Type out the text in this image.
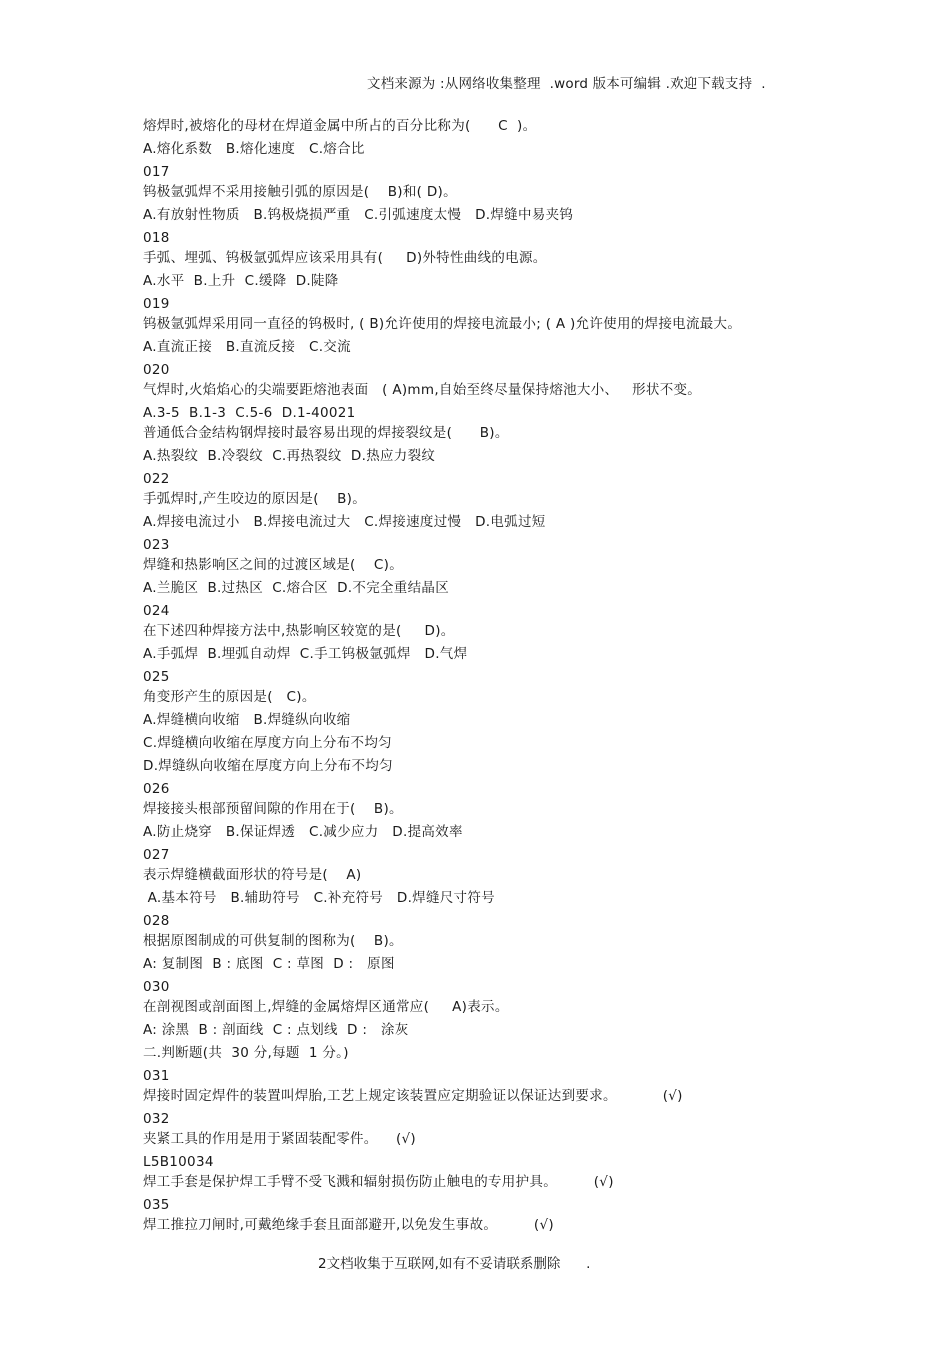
文档来源为 :从网络收集整理  .word 版本可编辑 .欢迎下载支持  .
熔焊时,被熔化的母材在焊道金属中所占的百分比称为(      C  )。
A.熔化系数   B.熔化速度   C.熔合比
017
钨极氩弧焊不采用接触引弧的原因是(    B)和( D)。
A.有放射性物质   B.钨极烧损严重   C.引弧速度太慢   D.焊缝中易夹钨
018
手弧、埋弧、钨极氩弧焊应该采用具有(     D)外特性曲线的电源。
A.水平  B.上升  C.缓降  D.陡降
019
钨极氩弧焊采用同一直径的钨极时, ( B)允许使用的焊接电流最小; ( A )允许使用的焊接电流最大。
A.直流正接   B.直流反接   C.交流
020
气焊时,火焰焰心的尖端要距熔池表面   ( A)mm,自始至终尽量保持熔池大小、   形状不变。
A.3-5  B.1-3  C.5-6  D.1-40021
普通低合金结构钢焊接时最容易出现的焊接裂纹是(      B)。
A.热裂纹  B.冷裂纹  C.再热裂纹  D.热应力裂纹
022
手弧焊时,产生咬边的原因是(    B)。
A.焊接电流过小   B.焊接电流过大   C.焊接速度过慢   D.电弧过短
023
焊缝和热影响区之间的过渡区域是(    C)。
A.兰脆区  B.过热区  C.熔合区  D.不完全重结晶区
024
在下述四种焊接方法中,热影响区较宽的是(     D)。
A.手弧焊  B.埋弧自动焊  C.手工钨极氩弧焊   D.气焊
025
角变形产生的原因是(   C)。
A.焊缝横向收缩   B.焊缝纵向收缩
C.焊缝横向收缩在厚度方向上分布不均匀
D.焊缝纵向收缩在厚度方向上分布不均匀
026
焊接接头根部预留间隙的作用在于(    B)。
A.防止烧穿   B.保证焊透   C.减少应力   D.提高效率
027
表示焊缝横截面形状的符号是(    A)
A.基本符号   B.辅助符号   C.补充符号   D.焊缝尺寸符号
028
根据原图制成的可供复制的图称为(    B)。
A: 复制图  B : 底图  C : 草图  D :   原图
030
在剖视图或剖面图上,焊缝的金属熔焊区通常应(     A)表示。
A: 涂黑  B : 剖面线  C : 点划线  D :   涂灰
二.判断题(共  30 分,每题  1 分。)
031
焊接时固定焊件的装置叫焊胎,工艺上规定该装置应定期验证以保证达到要求。          (√)
032
夹紧工具的作用是用于紧固装配零件。    (√)
L5B10034
焊工手套是保护焊工手臂不受飞溅和辐射损伤防止触电的专用护具。        (√)
035
焊工推拉刀闸时,可戴绝缘手套且面部避开,以免发生事故。        (√)
2文档收集于互联网,如有不妥请联系删除      .
